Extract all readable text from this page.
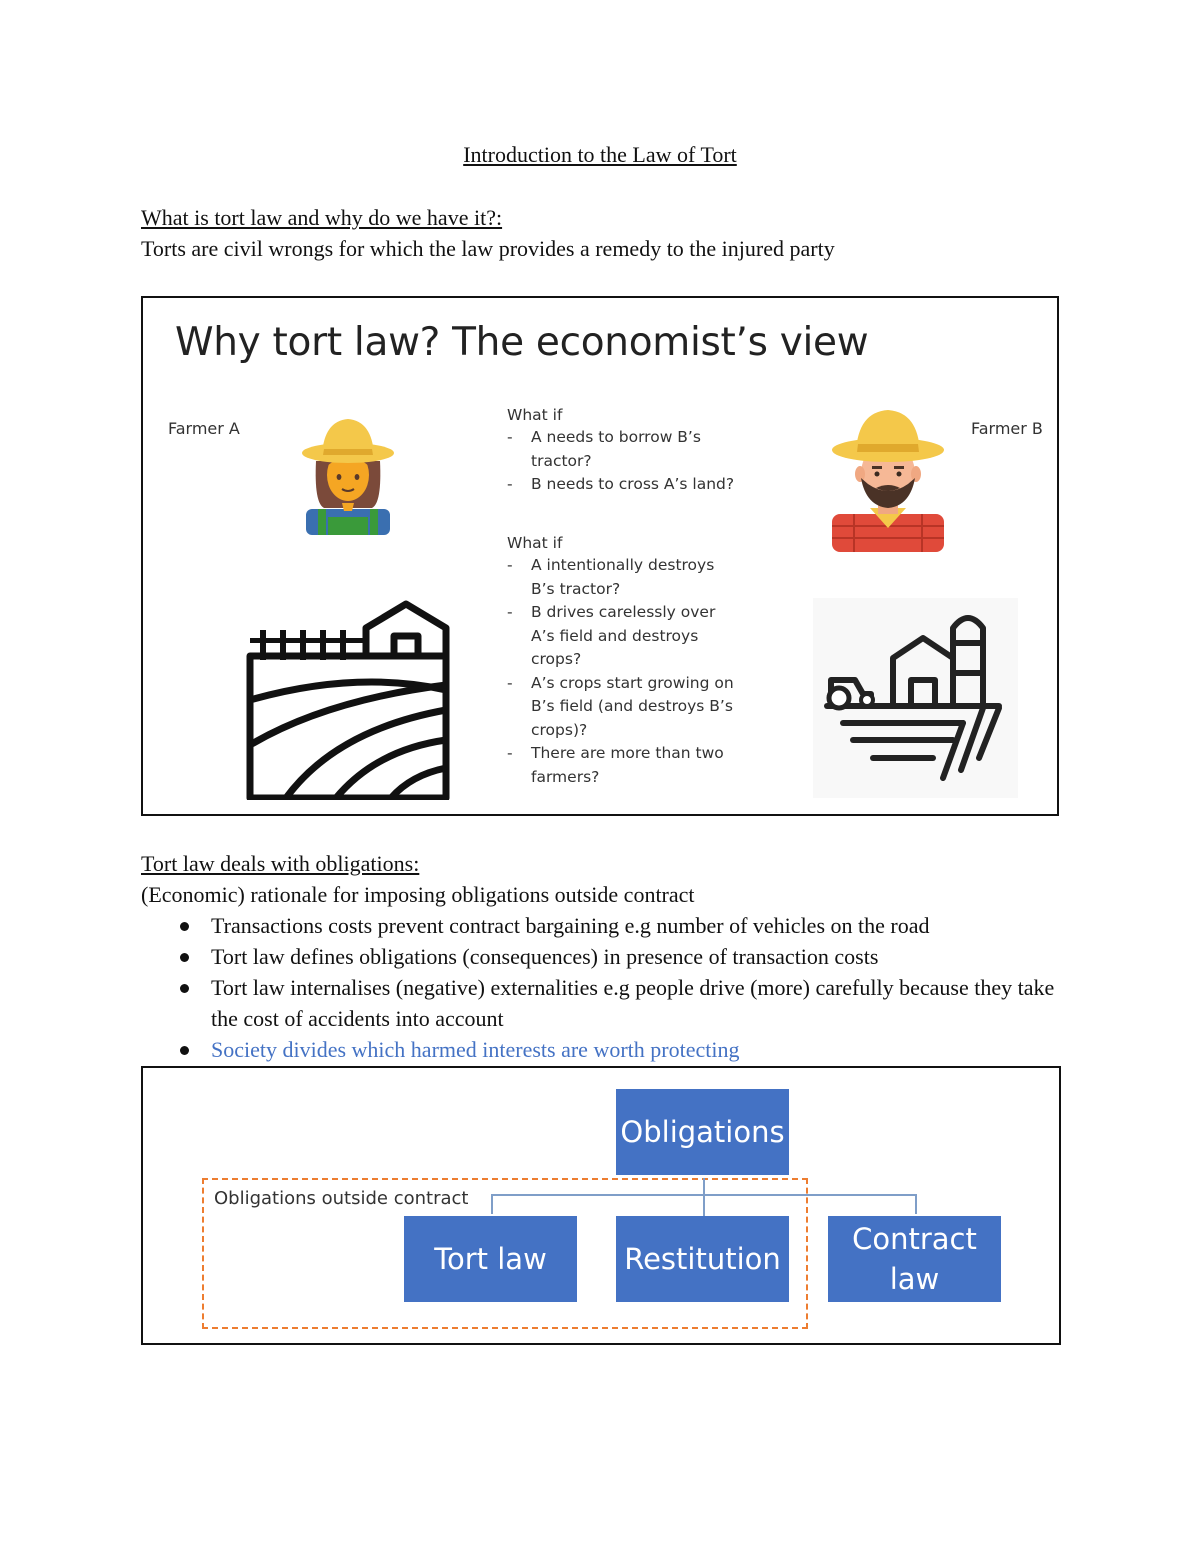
Introduction to the Law of Tort
What is tort law and why do we have it?:
Torts are civil wrongs for which the law provides a remedy to the injured party
Why tort law? The economist’s view
Farmer A	Farmer B
What if
- A needs to borrow B’s tractor?
- B needs to cross A’s land?
What if
- A intentionally destroys B’s tractor?
- B drives carelessly over A’s field and destroys crops?
- A’s crops start growing on B’s field (and destroys B’s crops)?
- There are more than two farmers?
Tort law deals with obligations:
(Economic) rationale for imposing obligations outside contract
Transactions costs prevent contract bargaining e.g number of vehicles on the road
Tort law defines obligations (consequences) in presence of transaction costs
Tort law internalises (negative) externalities e.g people drive (more) carefully because they take the cost of accidents into account
Society divides which harmed interests are worth protecting
Obligations outside contract
Obligations
Tort law	Restitution
Contract law
